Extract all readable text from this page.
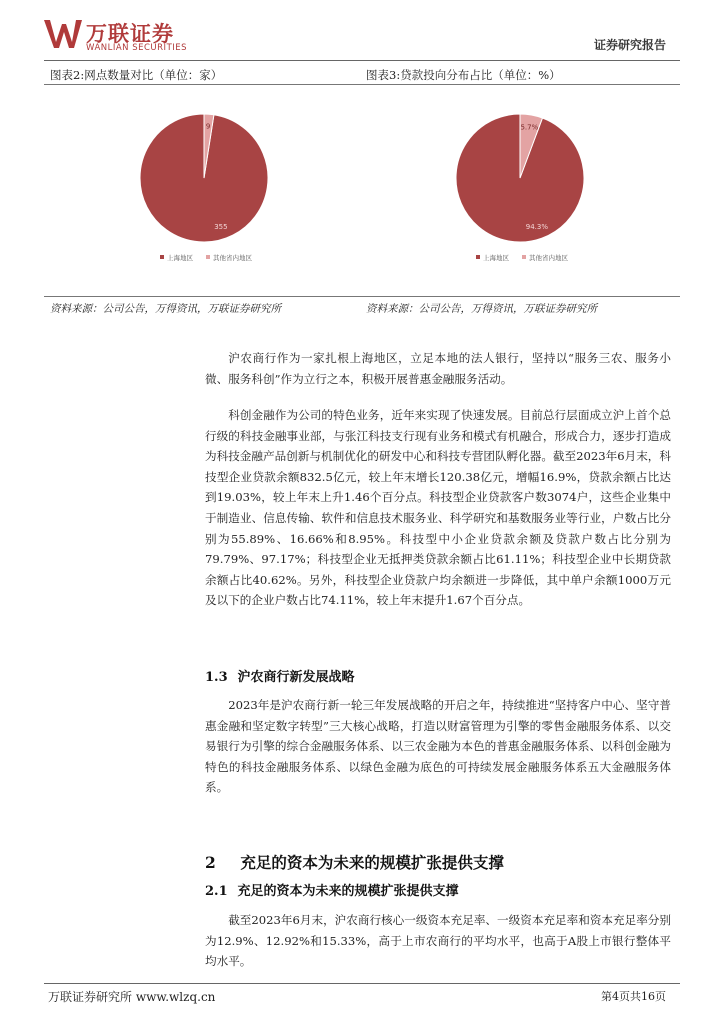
万联证券
WANLIAN SECURITIES	证券研究报告
图表2:网点数量对比（单位：家）	图表3:贷款投向分布占比（单位：%）
355
9
上海地区	其他省内地区
94.3%
5.7%
上海地区	其他省内地区
资料来源：公司公告，万得资讯，万联证券研究所	资料来源：公司公告，万得资讯，万联证券研究所
沪农商行作为一家扎根上海地区，立足本地的法人银行，坚持以“服务三农、服务小微、服务科创”作为立行之本，积极开展普惠金融服务活动。
科创金融作为公司的特色业务，近年来实现了快速发展。目前总行层面成立沪上首个总行级的科技金融事业部，与张江科技支行现有业务和模式有机融合，形成合力，逐步打造成为科技金融产品创新与机制优化的研发中心和科技专营团队孵化器。截至2023年6月末，科技型企业贷款余额832.5亿元，较上年末增长120.38亿元，增幅16.9%，贷款余额占比达到19.03%，较上年末上升1.46个百分点。科技型企业贷款客户数3074户，这些企业集中于制造业、信息传输、软件和信息技术服务业、科学研究和基数服务业等行业，户数占比分别为55.89%、16.66%和8.95%。科技型中小企业贷款余额及贷款户数占比分别为79.79%、97.17%；科技型企业无抵押类贷款余额占比61.11%；科技型企业中长期贷款余额占比40.62%。另外，科技型企业贷款户均余额进一步降低，其中单户余额1000万元及以下的企业户数占比74.11%，较上年末提升1.67个百分点。
1.3 沪农商行新发展战略
2023年是沪农商行新一轮三年发展战略的开启之年，持续推进“坚持客户中心、坚守普惠金融和坚定数字转型”三大核心战略，打造以财富管理为引擎的零售金融服务体系、以交易银行为引擎的综合金融服务体系、以三农金融为本色的普惠金融服务体系、以科创金融为特色的科技金融服务体系、以绿色金融为底色的可持续发展金融服务体系五大金融服务体系。
2 充足的资本为未来的规模扩张提供支撑
2.1 充足的资本为未来的规模扩张提供支撑
截至2023年6月末，沪农商行核心一级资本充足率、一级资本充足率和资本充足率分别为12.9%、12.92%和15.33%，高于上市农商行的平均水平，也高于A股上市银行整体平均水平。
万联证券研究所 www.wlzq.cn	第4页共16页
